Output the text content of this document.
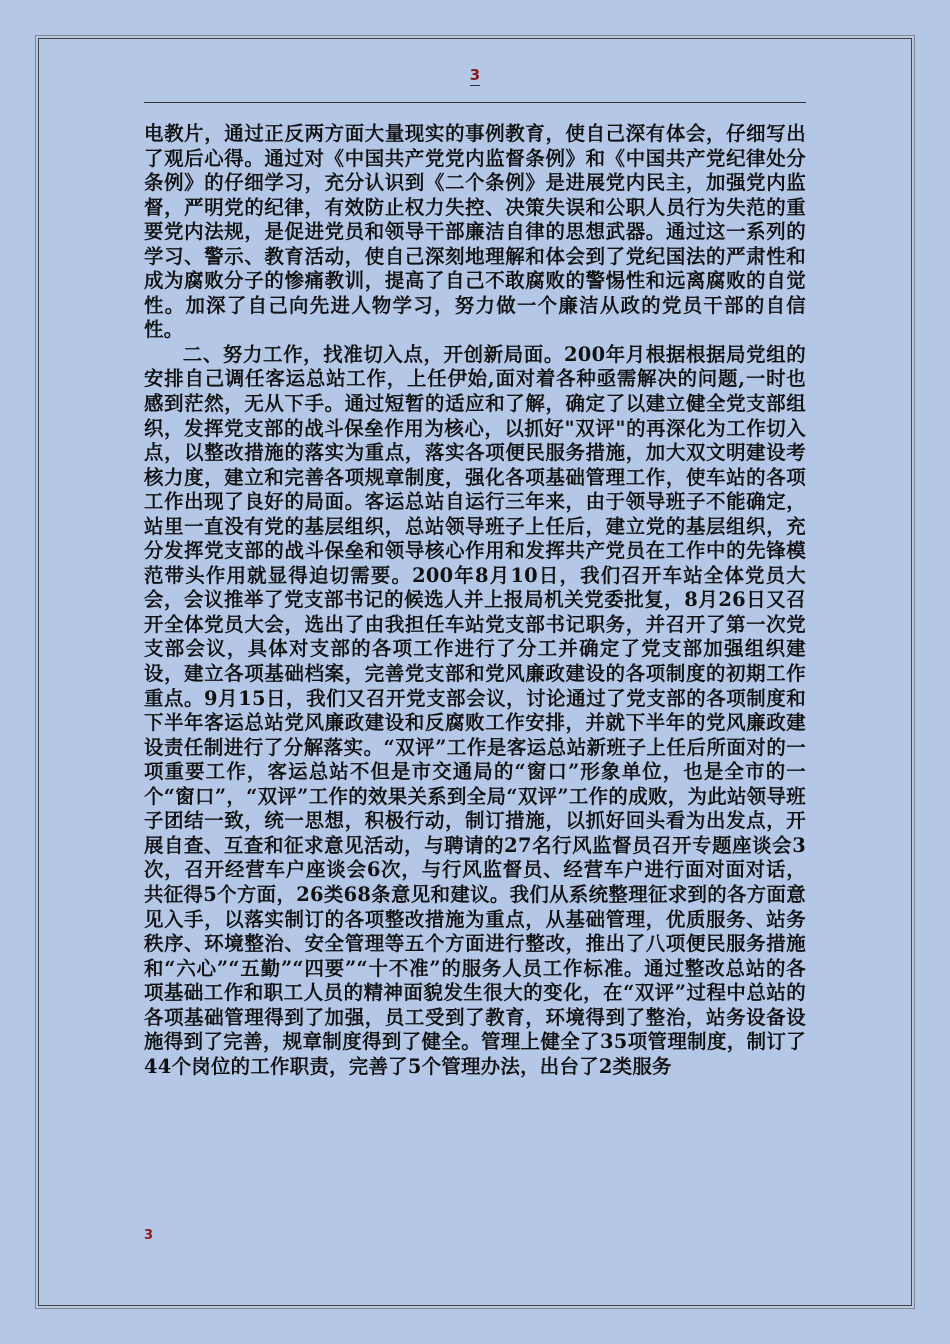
3

电教片，通过正反两方面大量现实的事例教育，使自己深有体会，仔细写出了观后心得。通过对《中国共产党党内监督条例》和《中国共产党纪律处分条例》的仔细学习，充分认识到《二个条例》是进展党内民主，加强党内监督，严明党的纪律，有效防止权力失控、决策失误和公职人员行为失范的重要党内法规，是促进党员和领导干部廉洁自律的思想武器。通过这一系列的学习、警示、教育活动，使自己深刻地理解和体会到了党纪国法的严肃性和成为腐败分子的惨痛教训，提高了自己不敢腐败的警惕性和远离腐败的自觉性。加深了自己向先进人物学习，努力做一个廉洁从政的党员干部的自信性。

二、努力工作，找准切入点，开创新局面。200年月根据根据局党组的安排自己调任客运总站工作，上任伊始,面对着各种亟需解决的问题,一时也感到茫然，无从下手。通过短暂的适应和了解，确定了以建立健全党支部组织，发挥党支部的战斗保垒作用为核心，以抓好"双评"的再深化为工作切入点，以整改措施的落实为重点，落实各项便民服务措施，加大双文明建设考核力度，建立和完善各项规章制度，强化各项基础管理工作，使车站的各项工作出现了良好的局面。客运总站自运行三年来，由于领导班子不能确定，站里一直没有党的基层组织，总站领导班子上任后，建立党的基层组织，充分发挥党支部的战斗保垒和领导核心作用和发挥共产党员在工作中的先锋模范带头作用就显得迫切需要。200年8月10日，我们召开车站全体党员大会，会议推举了党支部书记的候选人并上报局机关党委批复，8月26日又召开全体党员大会，选出了由我担任车站党支部书记职务，并召开了第一次党支部会议，具体对支部的各项工作进行了分工并确定了党支部加强组织建设，建立各项基础档案，完善党支部和党风廉政建设的各项制度的初期工作重点。9月15日，我们又召开党支部会议，讨论通过了党支部的各项制度和下半年客运总站党风廉政建设和反腐败工作安排，并就下半年的党风廉政建设责任制进行了分解落实。“双评”工作是客运总站新班子上任后所面对的一项重要工作，客运总站不但是市交通局的“窗口”形象单位，也是全市的一个“窗口”，“双评”工作的效果关系到全局“双评”工作的成败，为此站领导班子团结一致，统一思想，积极行动，制订措施，以抓好回头看为出发点，开展自查、互查和征求意见活动，与聘请的27名行风监督员召开专题座谈会3次，召开经营车户座谈会6次，与行风监督员、经营车户进行面对面对话，共征得5个方面，26类68条意见和建议。我们从系统整理征求到的各方面意见入手，以落实制订的各项整改措施为重点，从基础管理，优质服务、站务秩序、环境整治、安全管理等五个方面进行整改，推出了八项便民服务措施和“六心”“五勤”“四要”“十不准”的服务人员工作标准。通过整改总站的各项基础工作和职工人员的精神面貌发生很大的变化，在“双评”过程中总站的各项基础管理得到了加强，员工受到了教育，环境得到了整治，站务设备设施得到了完善，规章制度得到了健全。管理上健全了35项管理制度，制订了44个岗位的工作职责，完善了5个管理办法，出台了2类服务

3
